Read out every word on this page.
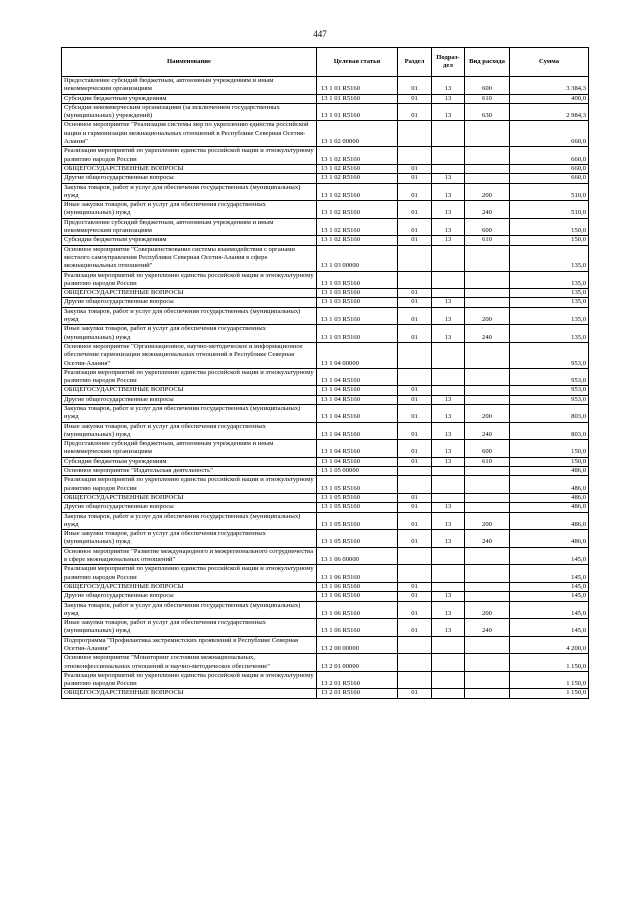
447
Наименование	Целевая статья	Раздел	Подраз-дел	Вид расхода	Сумма
Предоставление субсидий бюджетным, автономным учреждениям и иным некоммерческим организациям	13 1 01 R5160	01	13	600	3 384,3
Субсидии бюджетным учреждениям	13 1 01 R5160	01	13	610	400,0
Субсидии некоммерческим организациям (за исключением государственных (муниципальных) учреждений)	13 1 01 R5160	01	13	630	2 984,3
Основное мероприятие "Реализация системы мер по укреплению единства российской нации и гармонизации межнациональных отношений в Республике Северная Осетия-Алания"	13 1 02 00000				660,0
Реализация мероприятий по укреплению единства российской нации и этнокультурному развитию народов России	13 1 02 R5160				660,0
ОБЩЕГОСУДАРСТВЕННЫЕ ВОПРОСЫ	13 1 02 R5160	01			660,0
Другие общегосударственные вопросы	13 1 02 R5160	01	13		660,0
Закупка товаров, работ и услуг для обеспечения государственных (муниципальных) нужд	13 1 02 R5160	01	13	200	510,0
Иные закупки товаров, работ и услуг для обеспечения государственных (муниципальных) нужд	13 1 02 R5160	01	13	240	510,0
Предоставление субсидий бюджетным, автономным учреждениям и иным некоммерческим организациям	13 1 02 R5160	01	13	600	150,0
Субсидии бюджетным учреждениям	13 1 02 R5160	01	13	610	150,0
Основное мероприятие "Совершенствование системы взаимодействия с органами местного самоуправления Республики Северная Осетия-Алания в сфере межнациональных отношений"	13 1 03 00000				135,0
Реализация мероприятий по укреплению единства российской нации и этнокультурному развитию народов России	13 1 03 R5160				135,0
ОБЩЕГОСУДАРСТВЕННЫЕ ВОПРОСЫ	13 1 03 R5160	01			135,0
Другие общегосударственные вопросы	13 1 03 R5160	01	13		135,0
Закупка товаров, работ и услуг для обеспечения государственных (муниципальных) нужд	13 1 03 R5160	01	13	200	135,0
Иные закупки товаров, работ и услуг для обеспечения государственных (муниципальных) нужд	13 1 03 R5160	01	13	240	135,0
Основное мероприятие "Организационное, научно-методическое и информационное обеспечение гармонизации межнациональных отношений в Республике Северная Осетия-Алания"	13 1 04 00000				953,0
Реализация мероприятий по укреплению единства российской нации и этнокультурному развитию народов России	13 1 04 R5160				953,0
ОБЩЕГОСУДАРСТВЕННЫЕ ВОПРОСЫ	13 1 04 R5160	01			953,0
Другие общегосударственные вопросы	13 1 04 R5160	01	13		953,0
Закупка товаров, работ и услуг для обеспечения государственных (муниципальных) нужд	13 1 04 R5160	01	13	200	803,0
Иные закупки товаров, работ и услуг для обеспечения государственных (муниципальных) нужд	13 1 04 R5160	01	13	240	803,0
Предоставление субсидий бюджетным, автономным учреждениям и иным некоммерческим организациям	13 1 04 R5160	01	13	600	150,0
Субсидии бюджетным учреждениям	13 1 04 R5160	01	13	610	150,0
Основное мероприятие "Издательская деятельность"	13 1 05 00000				486,0
Реализация мероприятий по укреплению единства российской нации и этнокультурному развитию народов России	13 1 05 R5160				486,0
ОБЩЕГОСУДАРСТВЕННЫЕ ВОПРОСЫ	13 1 05 R5160	01			486,0
Другие общегосударственные вопросы	13 1 05 R5160	01	13		486,0
Закупка товаров, работ и услуг для обеспечения государственных (муниципальных) нужд	13 1 05 R5160	01	13	200	486,0
Иные закупки товаров, работ и услуг для обеспечения государственных (муниципальных) нужд	13 1 05 R5160	01	13	240	486,0
Основное мероприятие "Развитие международного и межрегионального сотрудничества в сфере межнациональных отношений"	13 1 06 00000				145,0
Реализация мероприятий по укреплению единства российской нации и этнокультурному развитию народов России	13 1 06 R5160				145,0
ОБЩЕГОСУДАРСТВЕННЫЕ ВОПРОСЫ	13 1 06 R5160	01			145,0
Другие общегосударственные вопросы	13 1 06 R5160	01	13		145,0
Закупка товаров, работ и услуг для обеспечения государственных (муниципальных) нужд	13 1 06 R5160	01	13	200	145,0
Иные закупки товаров, работ и услуг для обеспечения государственных (муниципальных) нужд	13 1 06 R5160	01	13	240	145,0
Подпрограмма "Профилактика экстремистских проявлений в Республике Северная Осетия-Алания"	13 2 00 00000				4 200,0
Основное мероприятие "Мониторинг состояния межнациональных, этноконфессиональных отношений и научно-методическое обеспечение"	13 2 01 00000				1 150,0
Реализация мероприятий по укреплению единства российской нации и этнокультурному развитию народов России	13 2 01 R5160				1 150,0
ОБЩЕГОСУДАРСТВЕННЫЕ ВОПРОСЫ	13 2 01 R5160	01			1 150,0
